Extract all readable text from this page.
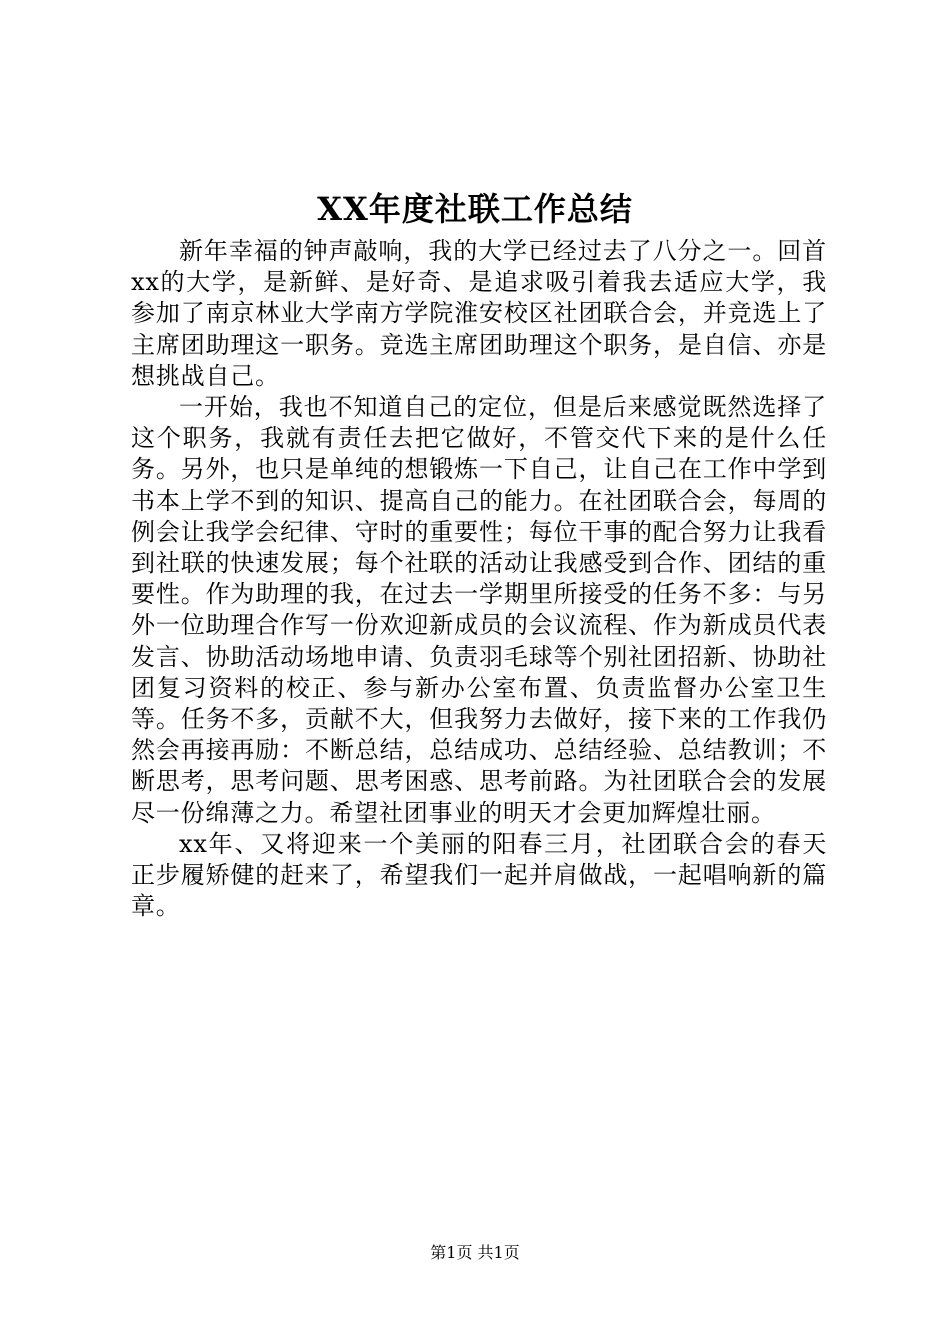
XX年度社联工作总结

新年幸福的钟声敲响，我的大学已经过去了八分之一。回首xx的大学，是新鲜、是好奇、是追求吸引着我去适应大学，我参加了南京林业大学南方学院淮安校区社团联合会，并竞选上了主席团助理这一职务。竞选主席团助理这个职务，是自信、亦是想挑战自己。

一开始，我也不知道自己的定位，但是后来感觉既然选择了这个职务，我就有责任去把它做好，不管交代下来的是什么任务。另外，也只是单纯的想锻炼一下自己，让自己在工作中学到书本上学不到的知识、提高自己的能力。在社团联合会，每周的例会让我学会纪律、守时的重要性；每位干事的配合努力让我看到社联的快速发展；每个社联的活动让我感受到合作、团结的重要性。作为助理的我，在过去一学期里所接受的任务不多：与另外一位助理合作写一份欢迎新成员的会议流程、作为新成员代表发言、协助活动场地申请、负责羽毛球等个别社团招新、协助社团复习资料的校正、参与新办公室布置、负责监督办公室卫生等。任务不多，贡献不大，但我努力去做好，接下来的工作我仍然会再接再励：不断总结，总结成功、总结经验、总结教训；不断思考，思考问题、思考困惑、思考前路。为社团联合会的发展尽一份绵薄之力。希望社团事业的明天才会更加辉煌壮丽。

xx年、又将迎来一个美丽的阳春三月，社团联合会的春天正步履矫健的赶来了，希望我们一起并肩做战，一起唱响新的篇章。

第1页 共1页
